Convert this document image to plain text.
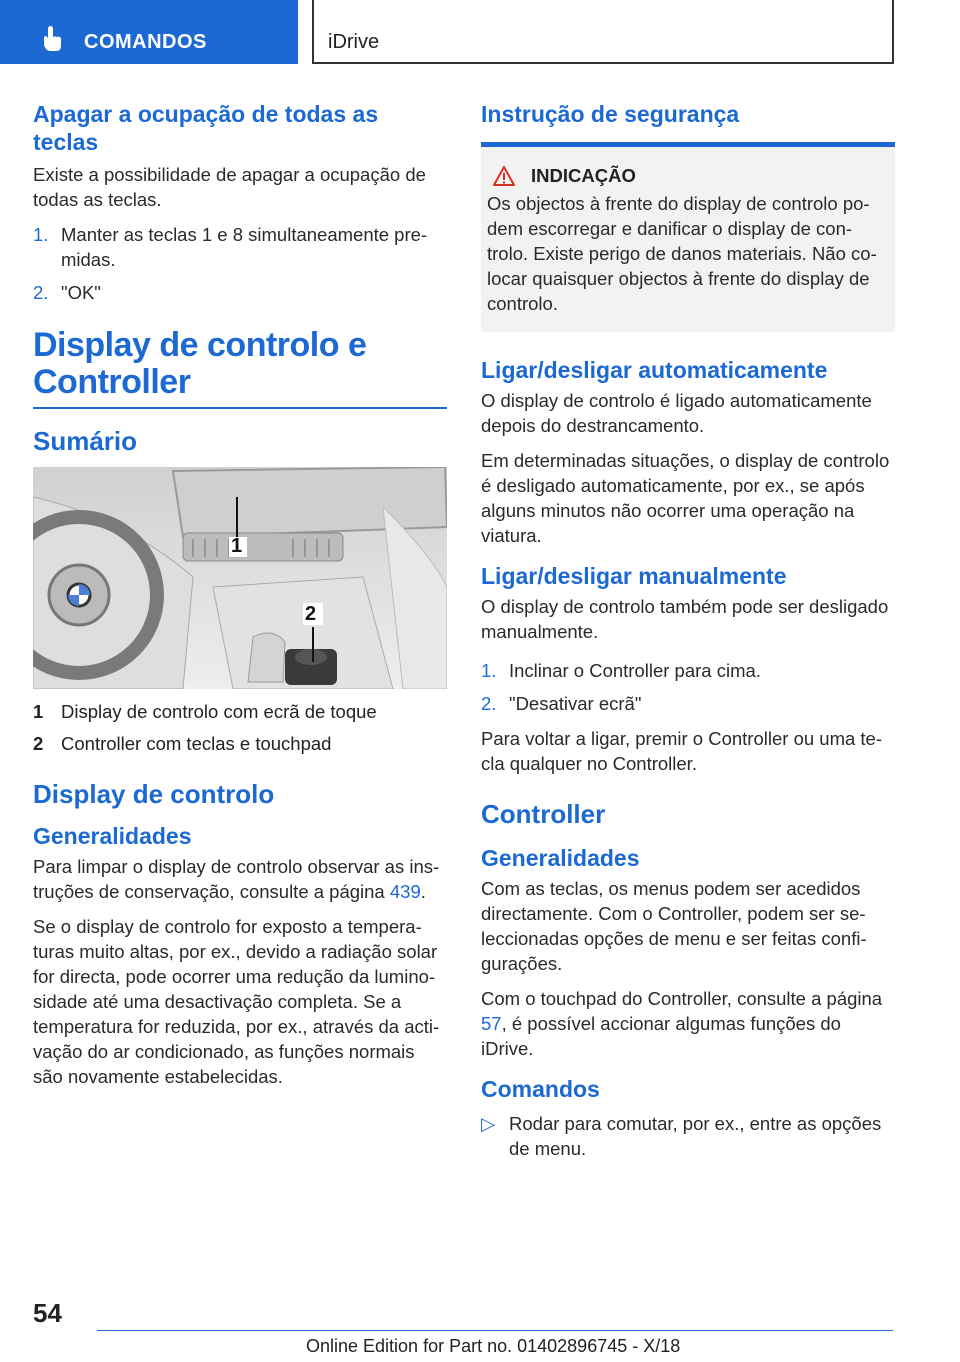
COMANDOS	iDrive
Apagar a ocupação de todas as teclas

Existe a possibilidade de apagar a ocupação de todas as teclas.

1. Manter as teclas 1 e 8 simultaneamente premidas.
2. "OK"
Display de controlo e Controller
Sumário
1
2
1 Display de controlo com ecrã de toque
2 Controller com teclas e touchpad
Display de controlo
Generalidades

Para limpar o display de controlo observar as instruções de conservação, consulte a página 439.

Se o display de controlo for exposto a temperaturas muito altas, por ex., devido a radiação solar for directa, pode ocorrer uma redução da luminosidade até uma desactivação completa. Se a temperatura for reduzida, por ex., através da activação do ar condicionado, as funções normais são novamente estabelecidas.

Instrução de segurança
INDICAÇÃO

Os objectos à frente do display de controlo podem escorregar e danificar o display de controlo. Existe perigo de danos materiais. Não colocar quaisquer objectos à frente do display de controlo.

Ligar/desligar automaticamente

O display de controlo é ligado automaticamente depois do destrancamento.

Em determinadas situações, o display de controlo é desligado automaticamente, por ex., se após alguns minutos não ocorrer uma operação na viatura.

Ligar/desligar manualmente

O display de controlo também pode ser desligado manualmente.

1. Inclinar o Controller para cima.
2. "Desativar ecrã"

Para voltar a ligar, premir o Controller ou uma tecla qualquer no Controller.

Controller
Generalidades

Com as teclas, os menus podem ser acedidos directamente. Com o Controller, podem ser seleccionadas opções de menu e ser feitas configurações.

Com o touchpad do Controller, consulte a página 57, é possível accionar algumas funções do iDrive.

Comandos
▷ Rodar para comutar, por ex., entre as opções de menu.
54
Online Edition for Part no. 01402896745 - X/18
